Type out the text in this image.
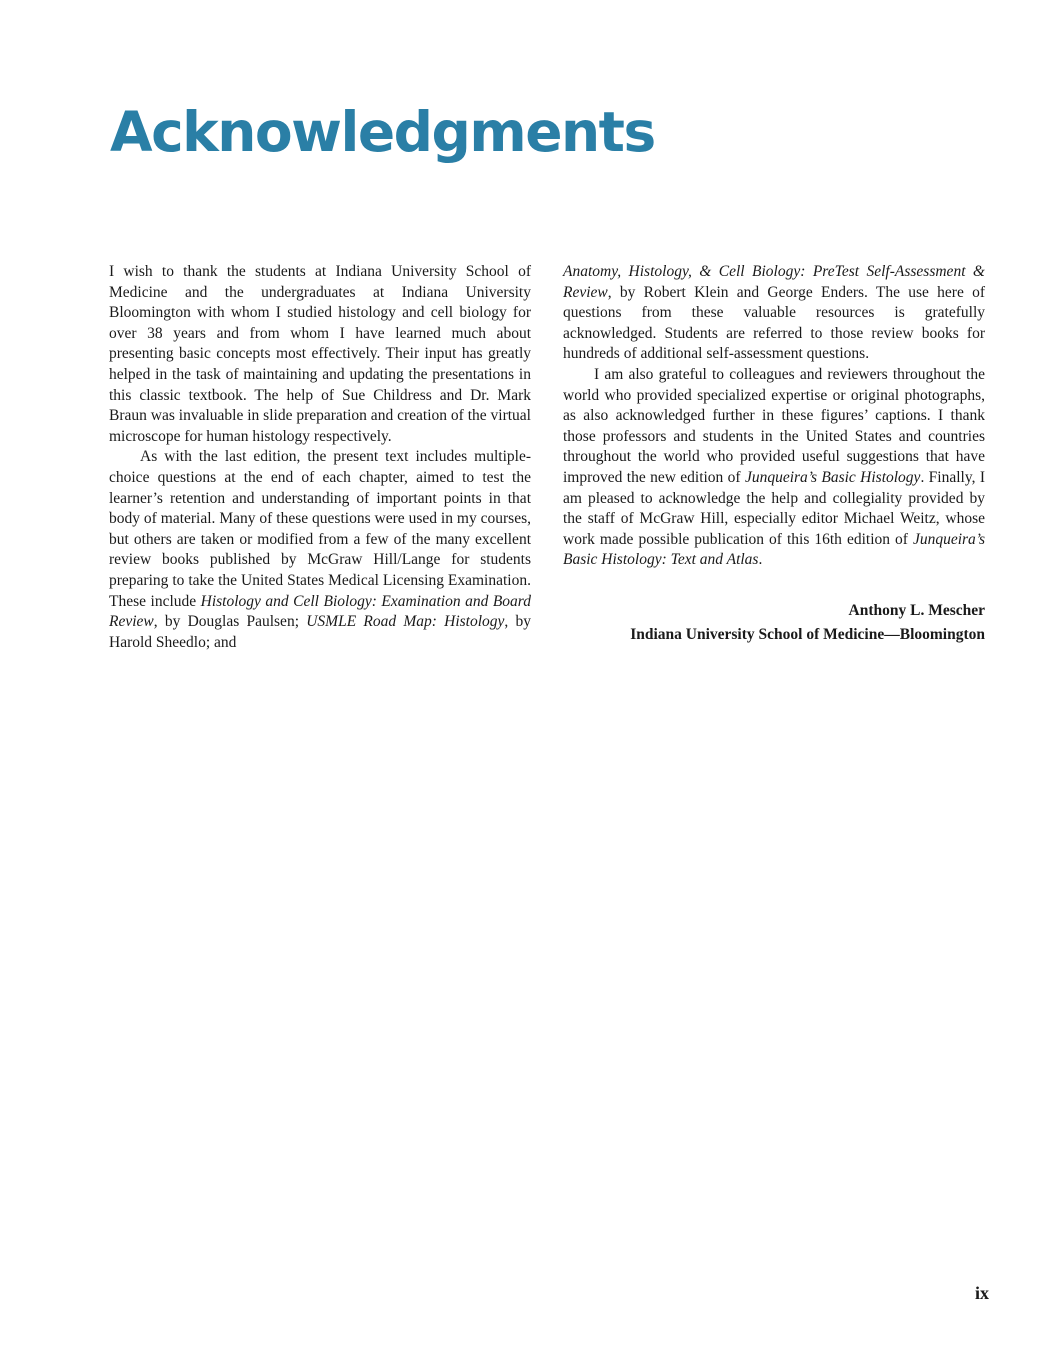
Acknowledgments

I wish to thank the students at Indiana University School of Medicine and the undergraduates at Indiana University Bloomington with whom I studied histology and cell biology for over 38 years and from whom I have learned much about presenting basic concepts most effectively. Their input has greatly helped in the task of maintaining and updating the presentations in this classic textbook. The help of Sue Childress and Dr. Mark Braun was invaluable in slide preparation and creation of the virtual microscope for human histology respectively.

As with the last edition, the present text includes multiple-choice questions at the end of each chapter, aimed to test the learner’s retention and understanding of important points in that body of material. Many of these questions were used in my courses, but others are taken or modified from a few of the many excellent review books published by McGraw Hill/Lange for students preparing to take the United States Medical Licensing Examination. These include Histology and Cell Biology: Examination and Board Review, by Douglas Paulsen; USMLE Road Map: Histology, by Harold Sheedlo; and

Anatomy, Histology, & Cell Biology: PreTest Self-Assessment & Review, by Robert Klein and George Enders. The use here of questions from these valuable resources is gratefully acknowledged. Students are referred to those review books for hundreds of additional self-assessment questions.

I am also grateful to colleagues and reviewers throughout the world who provided specialized expertise or original photographs, as also acknowledged further in these figures’ captions. I thank those professors and students in the United States and countries throughout the world who provided useful suggestions that have improved the new edition of Junqueira’s Basic Histology. Finally, I am pleased to acknowledge the help and collegiality provided by the staff of McGraw Hill, especially editor Michael Weitz, whose work made possible publication of this 16th edition of Junqueira’s Basic Histology: Text and Atlas.

Anthony L. Mescher
Indiana University School of Medicine—Bloomington
ix
